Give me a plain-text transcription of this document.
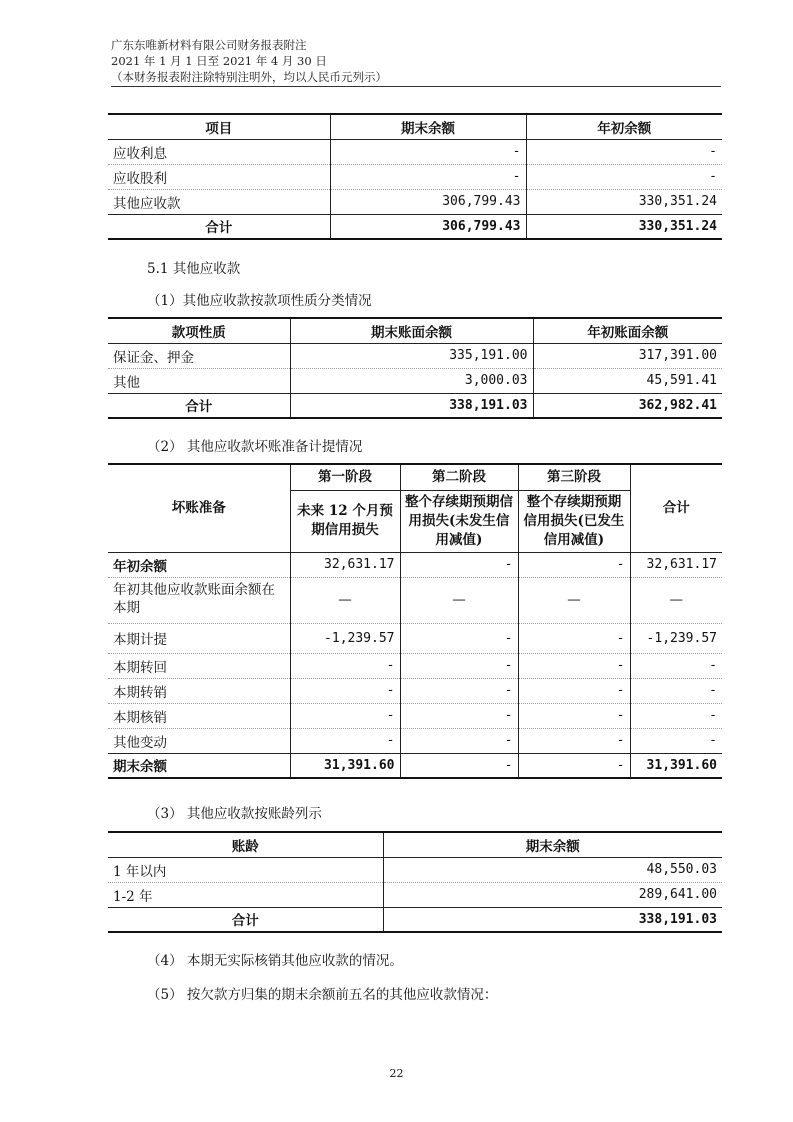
广东东唯新材料有限公司财务报表附注
2021 年 1 月 1 日至 2021 年 4 月 30 日
（本财务报表附注除特别注明外，均以人民币元列示）
项目	期末余额	年初余额
应收利息	-	-
应收股利	-	-
其他应收款	306,799.43	330,351.24
合计	306,799.43	330,351.24
5.1 其他应收款
（1）其他应收款按款项性质分类情况
款项性质	期末账面余额	年初账面余额
保证金、押金	335,191.00	317,391.00
其他	3,000.03	45,591.41
合计	338,191.03	362,982.41
（2） 其他应收款坏账准备计提情况
坏账准备	第一阶段	第二阶段	第三阶段	合计
	未来 12 个月预期信用损失	整个存续期预期信用损失(未发生信用减值)	整个存续期预期信用损失(已发生信用减值)	
年初余额	32,631.17	-	-	32,631.17
年初其他应收款账面余额在本期	—	—	—	—
本期计提	-1,239.57	-	-	-1,239.57
本期转回	-	-	-	-
本期转销	-	-	-	-
本期核销	-	-	-	-
其他变动	-	-	-	-
期末余额	31,391.60	-	-	31,391.60
（3） 其他应收款按账龄列示
账龄	期末余额
1 年以内	48,550.03
1-2 年	289,641.00
合计	338,191.03
（4） 本期无实际核销其他应收款的情况。
（5） 按欠款方归集的期末余额前五名的其他应收款情况：
22
